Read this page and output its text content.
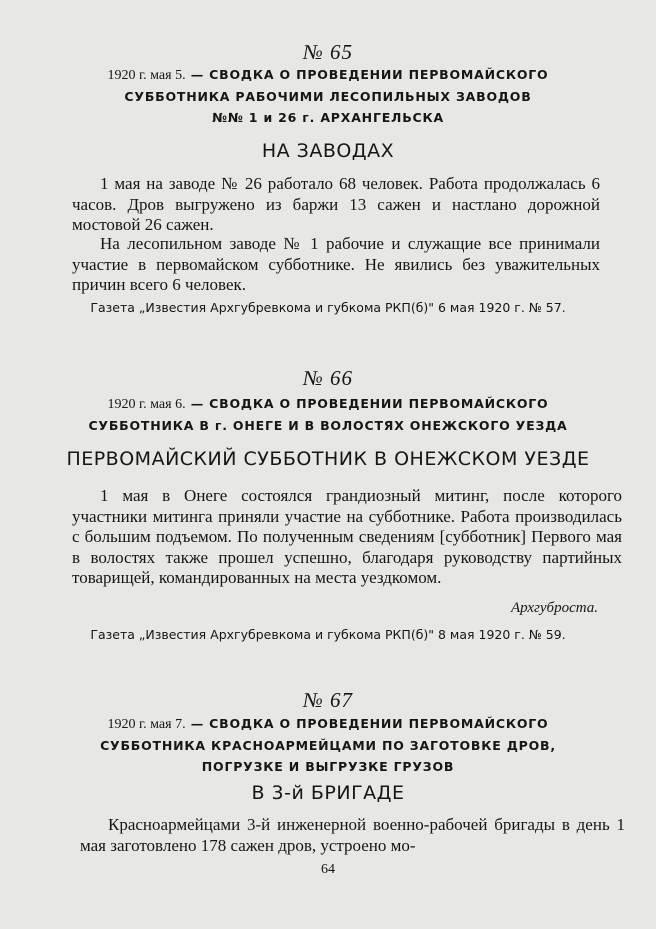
№ 65
1920 г. мая 5. — СВОДКА О ПРОВЕДЕНИИ ПЕРВОМАЙСКОГО
СУББОТНИКА РАБОЧИМИ ЛЕСОПИЛЬНЫХ ЗАВОДОВ
№№ 1 и 26 г. АРХАНГЕЛЬСКА
НА ЗАВОДАХ
1 мая на заводе № 26 работало 68 человек. Работа продолжалась 6 часов. Дров выгружено из баржи 13 сажен и настлано дорожной мостовой 26 сажен.
На лесопильном заводе № 1 рабочие и служащие все принимали участие в первомайском субботнике. Не явились без уважительных причин всего 6 человек.
Газета „Известия Архгубревкома и губкома РКП(б)" 6 мая 1920 г. № 57.
№ 66
1920 г. мая 6. — СВОДКА О ПРОВЕДЕНИИ ПЕРВОМАЙСКОГО
СУББОТНИКА В г. ОНЕГЕ И В ВОЛОСТЯХ ОНЕЖСКОГО УЕЗДА
ПЕРВОМАЙСКИЙ СУББОТНИК В ОНЕЖСКОМ УЕЗДЕ
1 мая в Онеге состоялся грандиозный митинг, после которого участники митинга приняли участие на субботнике. Работа производилась с большим подъемом. По полученным сведениям [субботник] Первого мая в волостях также прошел успешно, благодаря руководству партийных товарищей, командированных на места уездкомом.
Архгуброста.
Газета „Известия Архгубревкома и губкома РКП(б)" 8 мая 1920 г. № 59.
№ 67
1920 г. мая 7. — СВОДКА О ПРОВЕДЕНИИ ПЕРВОМАЙСКОГО
СУББОТНИКА КРАСНОАРМЕЙЦАМИ ПО ЗАГОТОВКЕ ДРОВ,
ПОГРУЗКЕ И ВЫГРУЗКЕ ГРУЗОВ
В 3-й БРИГАДЕ
Красноармейцами 3-й инженерной военно-рабочей бригады в день 1 мая заготовлено 178 сажен дров, устроено мо-
64
